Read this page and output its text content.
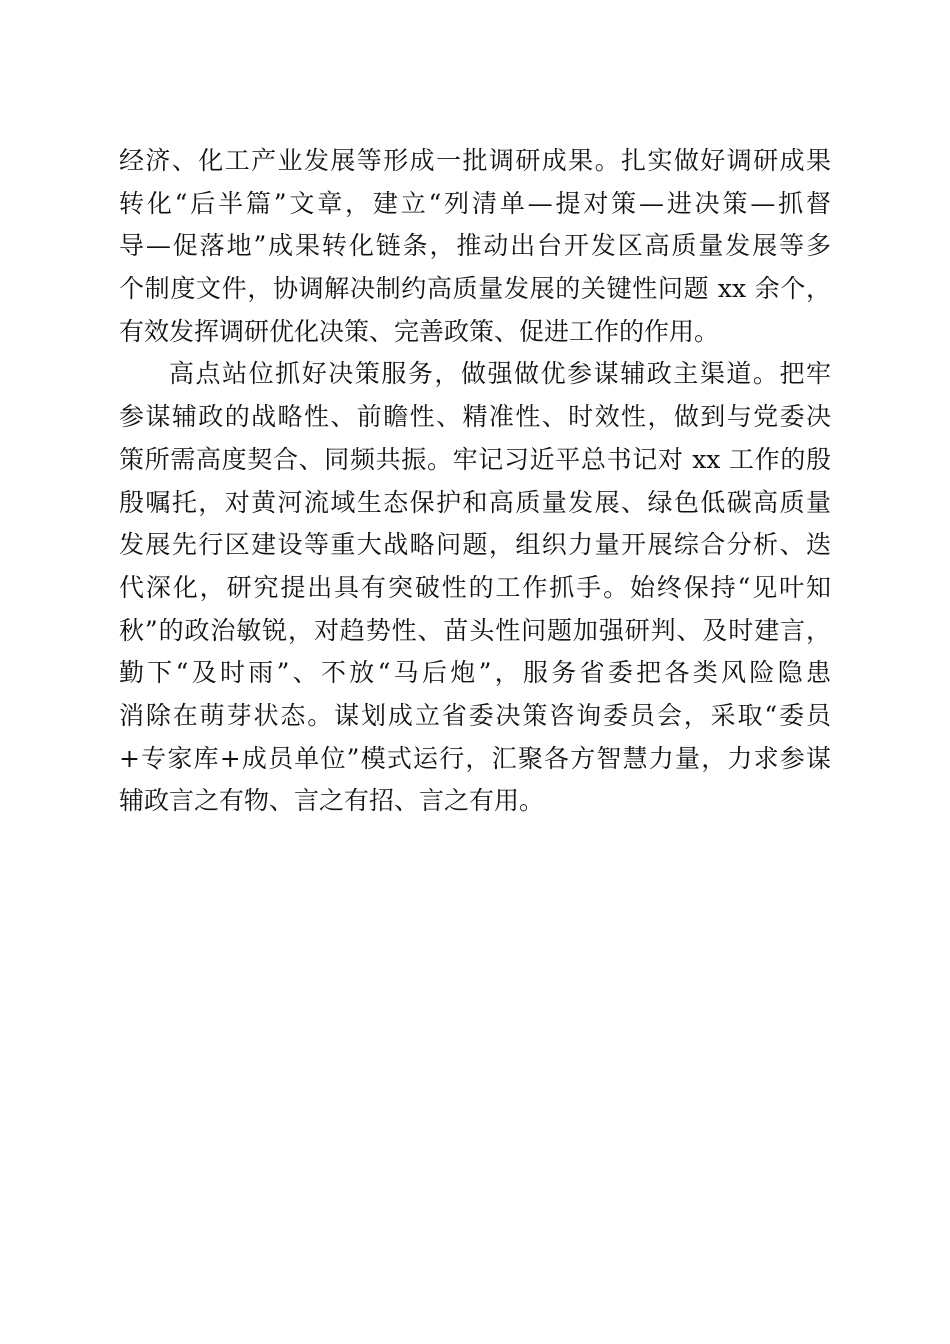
经济、化工产业发展等形成一批调研成果。扎实做好调研成果
转化“后半篇”文章，建立“列清单—提对策—进决策—抓督
导—促落地”成果转化链条，推动出台开发区高质量发展等多
个制度文件，协调解决制约高质量发展的关键性问题 xx 余个，
有效发挥调研优化决策、完善政策、促进工作的作用。
高点站位抓好决策服务，做强做优参谋辅政主渠道。把牢
参谋辅政的战略性、前瞻性、精准性、时效性，做到与党委决
策所需高度契合、同频共振。牢记习近平总书记对 xx 工作的殷
殷嘱托，对黄河流域生态保护和高质量发展、绿色低碳高质量
发展先行区建设等重大战略问题，组织力量开展综合分析、迭
代深化，研究提出具有突破性的工作抓手。始终保持“见叶知
秋”的政治敏锐，对趋势性、苗头性问题加强研判、及时建言，
勤下“及时雨”、不放“马后炮”，服务省委把各类风险隐患
消除在萌芽状态。谋划成立省委决策咨询委员会，采取“委员
+专家库+成员单位”模式运行，汇聚各方智慧力量，力求参谋
辅政言之有物、言之有招、言之有用。
